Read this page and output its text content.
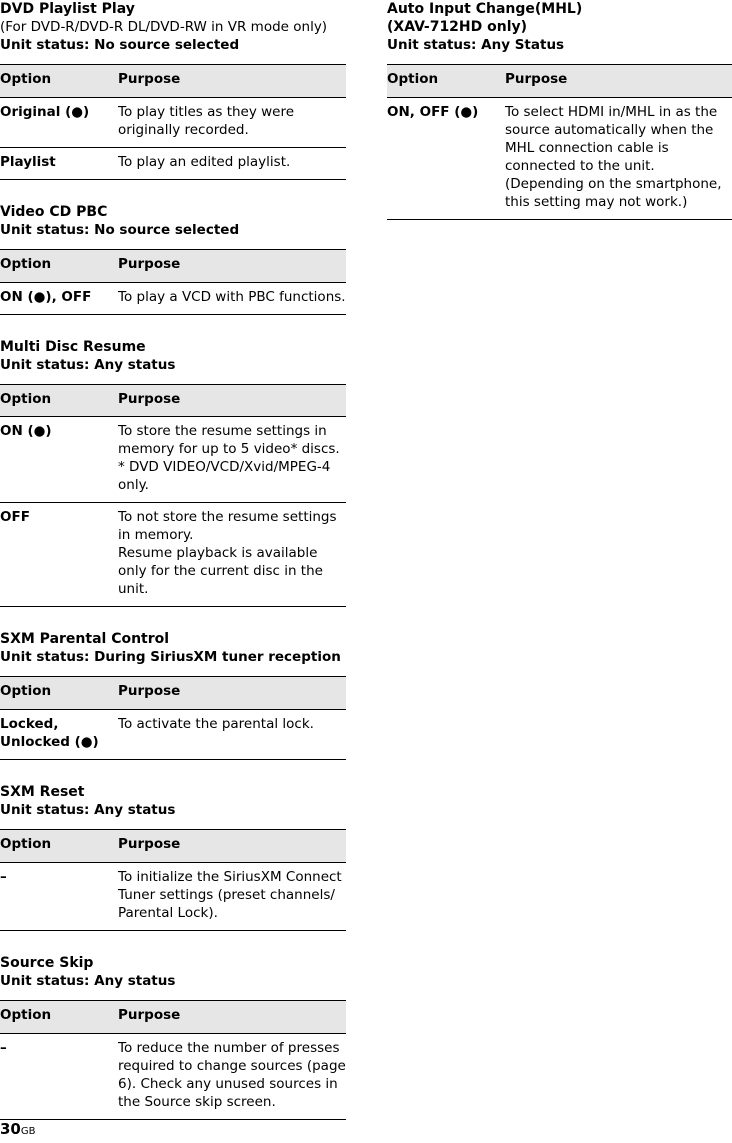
DVD Playlist Play
(For DVD-R/DVD-R DL/DVD-RW in VR mode only)
Unit status: No source selected
Option	Purpose
Original (●)	To play titles as they were originally recorded.
Playlist	To play an edited playlist.
Video CD PBC
Unit status: No source selected
Option	Purpose
ON (●), OFF	To play a VCD with PBC functions.
Multi Disc Resume
Unit status: Any status
Option	Purpose
ON (●)	To store the resume settings in memory for up to 5 video* discs.
* DVD VIDEO/VCD/Xvid/MPEG-4 only.
OFF	To not store the resume settings in memory.
Resume playback is available only for the current disc in the unit.
SXM Parental Control
Unit status: During SiriusXM tuner reception
Option	Purpose
Locked, Unlocked (●)	To activate the parental lock.
SXM Reset
Unit status: Any status
Option	Purpose
–	To initialize the SiriusXM Connect Tuner settings (preset channels/ Parental Lock).
Source Skip
Unit status: Any status
Option	Purpose
–	To reduce the number of presses required to change sources (page 6). Check any unused sources in the Source skip screen.
Auto Input Change(MHL)
(XAV-712HD only)
Unit status: Any Status
Option	Purpose
ON, OFF (●)	To select HDMI in/MHL in as the source automatically when the MHL connection cable is connected to the unit.
(Depending on the smartphone, this setting may not work.)
30GB
